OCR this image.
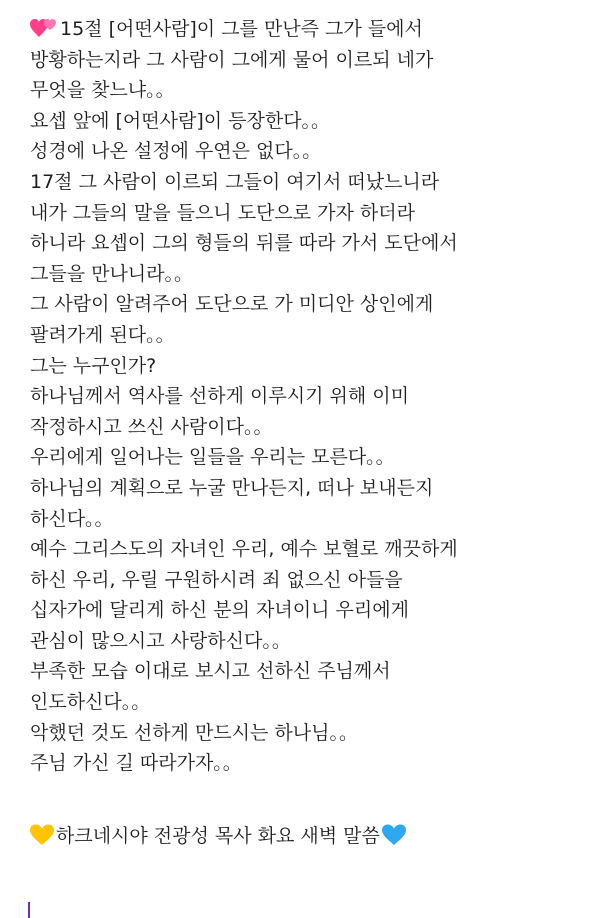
15절 [어떤사람]이 그를 만난즉 그가 들에서
방황하는지라 그 사람이 그에게 물어 이르되 네가
무엇을 찾느냐。。
요셉 앞에 [어떤사람]이 등장한다。。
성경에 나온 설정에 우연은 없다。。
17절 그 사람이 이르되 그들이 여기서 떠났느니라
내가 그들의 말을 들으니 도단으로 가자 하더라
하니라 요셉이 그의 형들의 뒤를 따라 가서 도단에서
그들을 만나니라。。
그 사람이 알려주어 도단으로 가 미디안 상인에게
팔려가게 된다。。
그는 누구인가?
하나님께서 역사를 선하게 이루시기 위해 이미
작정하시고 쓰신 사람이다。。
우리에게 일어나는 일들을 우리는 모른다。。
하나님의 계획으로 누굴 만나든지, 떠나 보내든지
하신다。。
예수 그리스도의 자녀인 우리, 예수 보혈로 깨끗하게
하신 우리, 우릴 구원하시려 죄 없으신 아들을
십자가에 달리게 하신 분의 자녀이니 우리에게
관심이 많으시고 사랑하신다。。
부족한 모습 이대로 보시고 선하신 주님께서
인도하신다。。
악했던 것도 선하게 만드시는 하나님。。
주님 가신 길 따라가자。。
하크네시야 전광성 목사 화요 새벽 말씀
